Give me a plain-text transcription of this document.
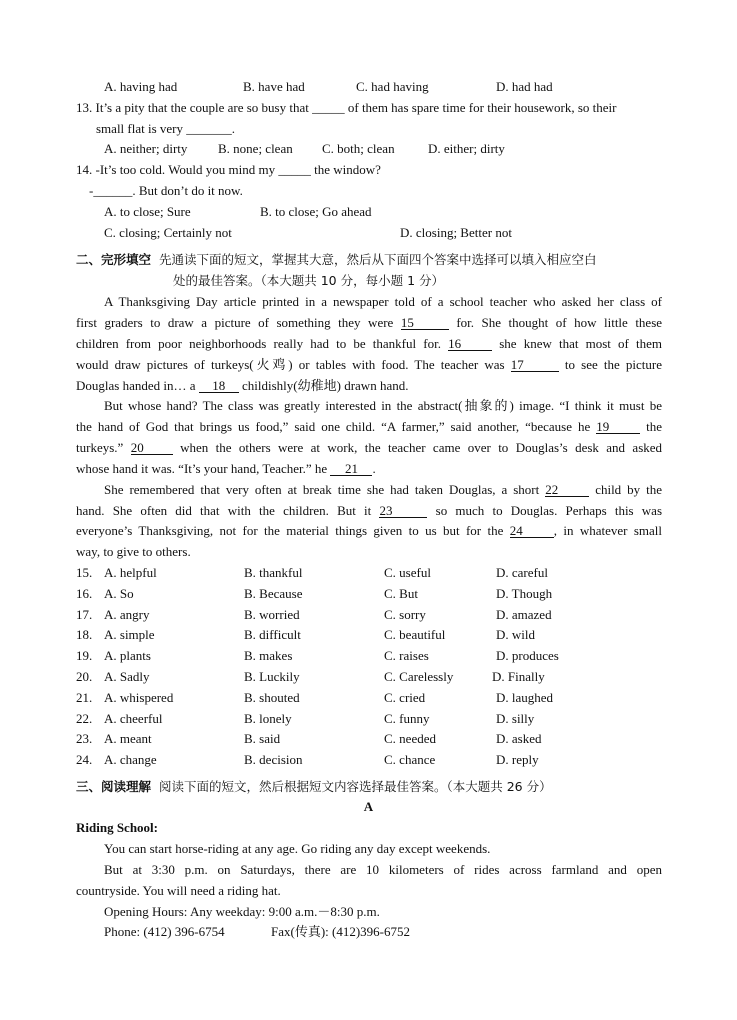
A. having had	B. have had	C. had having	D. had had
13. It’s a pity that the couple are so busy that _____ of them has spare time for their housework, so their
small flat is very _______.
A. neither; dirty B. none; clean C. both; clean	D. either; dirty
14. -It’s too cold. Would you mind my _____ the window?
-______. But don’t do it now.
A. to close; Sure	B. to close; Go ahead
C. closing; Certainly not	D. closing; Better not
二、完形填空 先通读下面的短文，掌握其大意，然后从下面四个答案中选择可以填入相应空白
处的最佳答案。（本大题共 10 分，每小题 1 分）
A Thanksgiving Day article printed in a newspaper told of a school teacher who asked her class of
first graders to draw a picture of something they were 15	for. She thought of how little these
children from poor neighborhoods really had to be thankful for. 16	she knew that most of them
would draw pictures of turkeys(火鸡) or tables with food. The teacher was 17	to see the picture
Douglas handed in… a 18 childishly(幼稚地) drawn hand.
But whose hand? The class was greatly interested in the abstract(抽象的) image. “I think it must be
the hand of God that brings us food,” said one child. “A farmer,” said another, “because he 19	the
turkeys.” 20	when the others were at work, the teacher came over to Douglas’s desk and asked
whose hand it was. “It’s your hand, Teacher.” he 21 .
She remembered that very often at break time she had taken Douglas, a short 22	child by the
hand. She often did that with the children. But it 23	so much to Douglas. Perhaps this was
everyone’s Thanksgiving, not for the material things given to us but for the 24 , in whatever small
way, to give to others.
15. A. helpful	B. thankful	C. useful	D. careful
16. A. So	B. Because	C. But	D. Though
17. A. angry	B. worried	C. sorry	D. amazed
18. A. simple	B. difficult	C. beautiful	D. wild
19. A. plants	B. makes	C. raises	D. produces
20. A. Sadly	B. Luckily	C. Carelessly	D. Finally
21. A. whispered	B. shouted	C. cried	D. laughed
22. A. cheerful	B. lonely	C. funny	D. silly
23. A. meant	B. said	C. needed	D. asked
24. A. change	B. decision	C. chance	D. reply
三、阅读理解 阅读下面的短文，然后根据短文内容选择最佳答案。（本大题共 26 分）
A
Riding School:
You can start horse-riding at any age. Go riding any day except weekends.
But at 3:30 p.m. on Saturdays, there are 10 kilometers of rides across farmland and open
countryside. You will need a riding hat.
Opening Hours: Any weekday: 9:00 a.m.－8:30 p.m.
Phone: (412) 396-6754	Fax(传真): (412)396-6752
